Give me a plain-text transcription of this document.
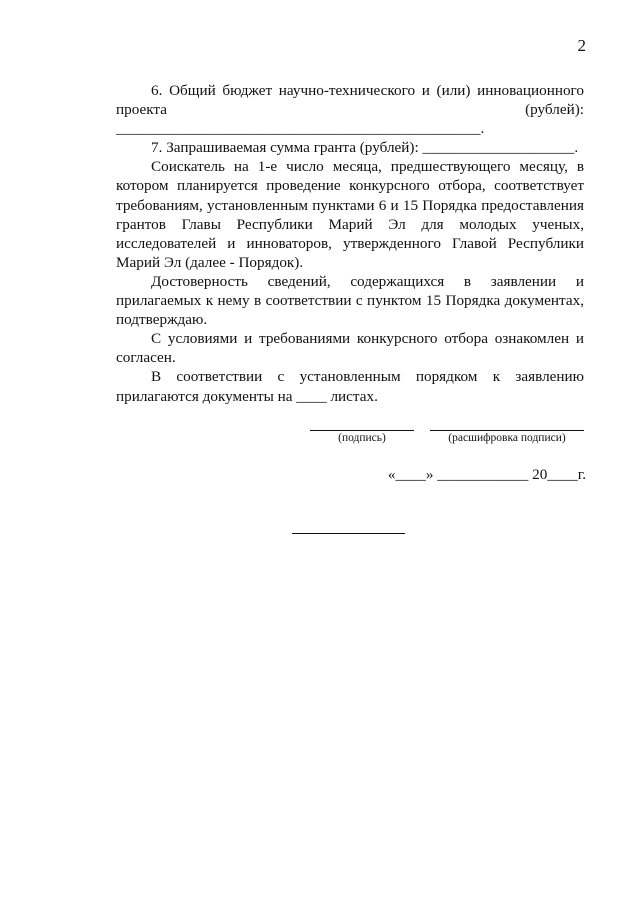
2

6. Общий бюджет научно-технического и (или) инновационного проекта (рублей): ________________________________________________.

7. Запрашиваемая сумма гранта (рублей): ____________________.

Соискатель на 1-е число месяца, предшествующего месяцу, в котором планируется проведение конкурсного отбора, соответствует требованиям, установленным пунктами 6 и 15 Порядка предоставления грантов Главы Республики Марий Эл для молодых ученых, исследователей и инноваторов, утвержденного Главой Республики Марий Эл (далее - Порядок).

Достоверность сведений, содержащихся в заявлении и прилагаемых к нему в соответствии с пунктом 15 Порядка документах, подтверждаю.

С условиями и требованиями конкурсного отбора ознакомлен и согласен.

В соответствии с установленным порядком к заявлению прилагаются документы на ____ листах.

(подпись)	(расшифровка подписи)
«____» ____________ 20____г.
